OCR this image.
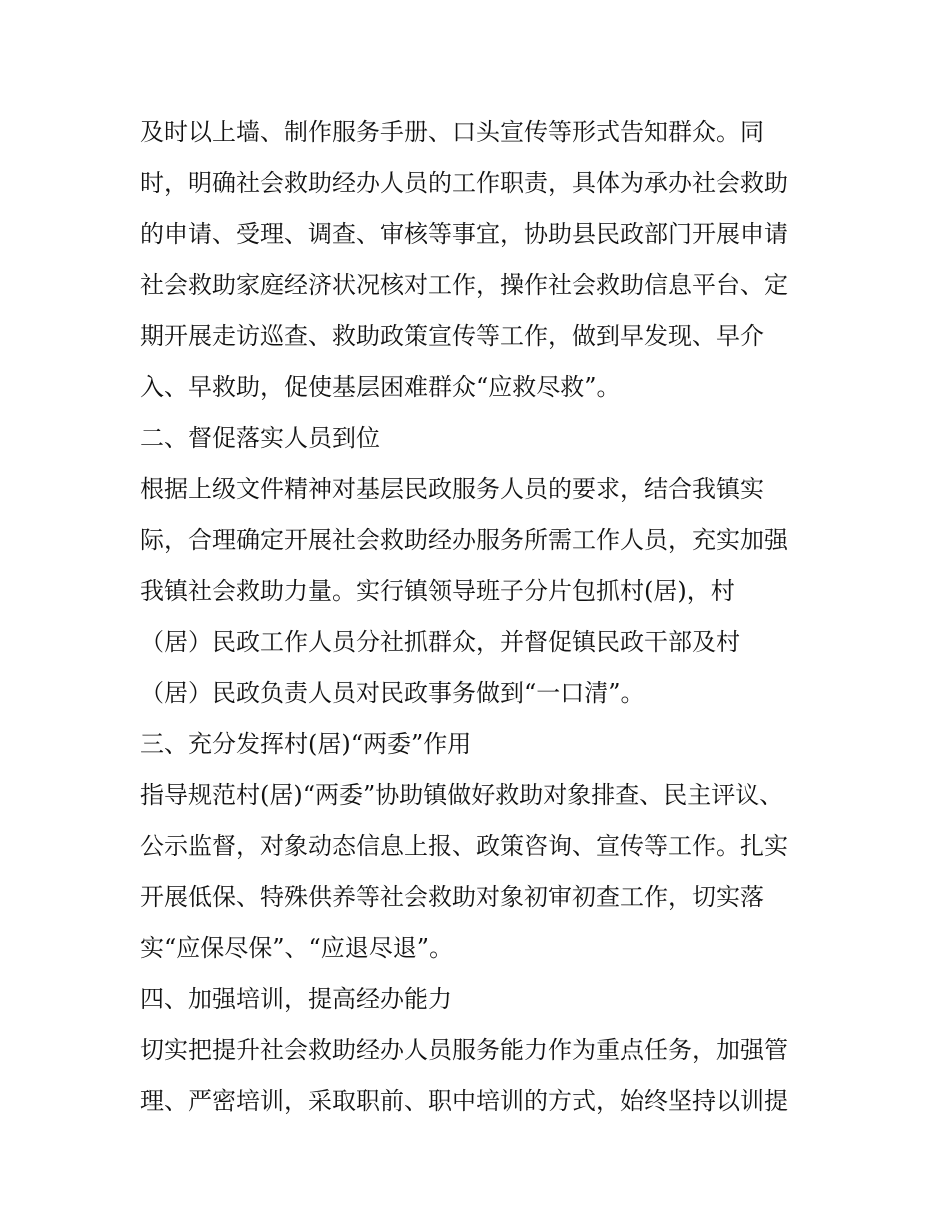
及时以上墙、制作服务手册、口头宣传等形式告知群众。同
时，明确社会救助经办人员的工作职责，具体为承办社会救助
的申请、受理、调查、审核等事宜，协助县民政部门开展申请
社会救助家庭经济状况核对工作，操作社会救助信息平台、定
期开展走访巡查、救助政策宣传等工作，做到早发现、早介
入、早救助，促使基层困难群众“应救尽救”。
二、督促落实人员到位
根据上级文件精神对基层民政服务人员的要求，结合我镇实
际，合理确定开展社会救助经办服务所需工作人员，充实加强
我镇社会救助力量。实行镇领导班子分片包抓村(居)，村
（居）民政工作人员分社抓群众，并督促镇民政干部及村
（居）民政负责人员对民政事务做到“一口清”。
三、充分发挥村(居)“两委”作用
指导规范村(居)“两委”协助镇做好救助对象排查、民主评议、
公示监督，对象动态信息上报、政策咨询、宣传等工作。扎实
开展低保、特殊供养等社会救助对象初审初查工作，切实落
实“应保尽保”、“应退尽退”。
四、加强培训，提高经办能力
切实把提升社会救助经办人员服务能力作为重点任务，加强管
理、严密培训，采取职前、职中培训的方式，始终坚持以训提
